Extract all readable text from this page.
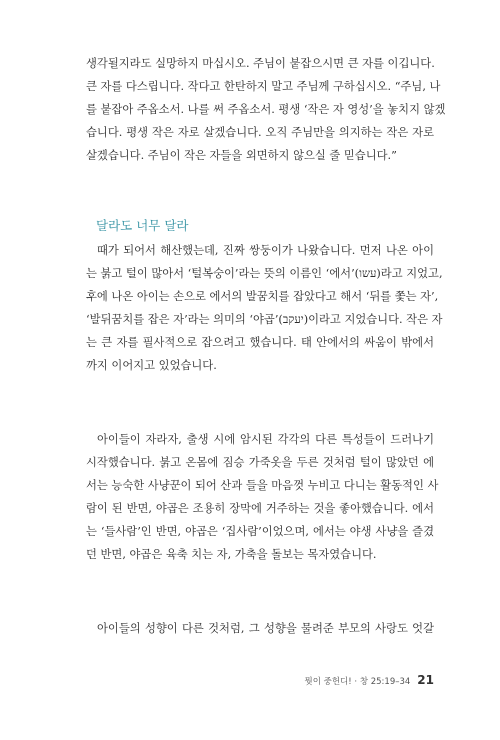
생각될지라도 실망하지 마십시오. 주님이 붙잡으시면 큰 자를 이깁니다.
큰 자를 다스립니다. 작다고 한탄하지 말고 주님께 구하십시오. “주님, 나
를 붙잡아 주옵소서. 나를 써 주옵소서. 평생 ‘작은 자 영성’을 놓치지 않겠
습니다. 평생 작은 자로 살겠습니다. 오직 주님만을 의지하는 작은 자로
살겠습니다. 주님이 작은 자들을 외면하지 않으실 줄 믿습니다.”
달라도 너무 달라
때가 되어서 해산했는데, 진짜 쌍둥이가 나왔습니다. 먼저 나온 아이
는 붉고 털이 많아서 ‘털복숭이’라는 뜻의 이름인 ‘에서’(עשו)라고 지었고,
후에 나온 아이는 손으로 에서의 발꿈치를 잡았다고 해서 ‘뒤를 쫓는 자’,
‘발뒤꿈치를 잡은 자’라는 의미의 ‘야곱’(יעקב)이라고 지었습니다. 작은 자
는 큰 자를 필사적으로 잡으려고 했습니다. 태 안에서의 싸움이 밖에서
까지 이어지고 있었습니다.
아이들이 자라자, 출생 시에 암시된 각각의 다른 특성들이 드러나기
시작했습니다. 붉고 온몸에 짐승 가죽옷을 두른 것처럼 털이 많았던 에
서는 능숙한 사냥꾼이 되어 산과 들을 마음껏 누비고 다니는 활동적인 사
람이 된 반면, 야곱은 조용히 장막에 거주하는 것을 좋아했습니다. 에서
는 ‘들사람’인 반면, 야곱은 ‘집사람’이었으며, 에서는 야생 사냥을 즐겼
던 반면, 야곱은 육축 치는 자, 가축을 돌보는 목자였습니다.
아이들의 성향이 다른 것처럼, 그 성향을 물려준 부모의 사랑도 엇갈
뭣이 중헌디! · 창 25:19–34 21
